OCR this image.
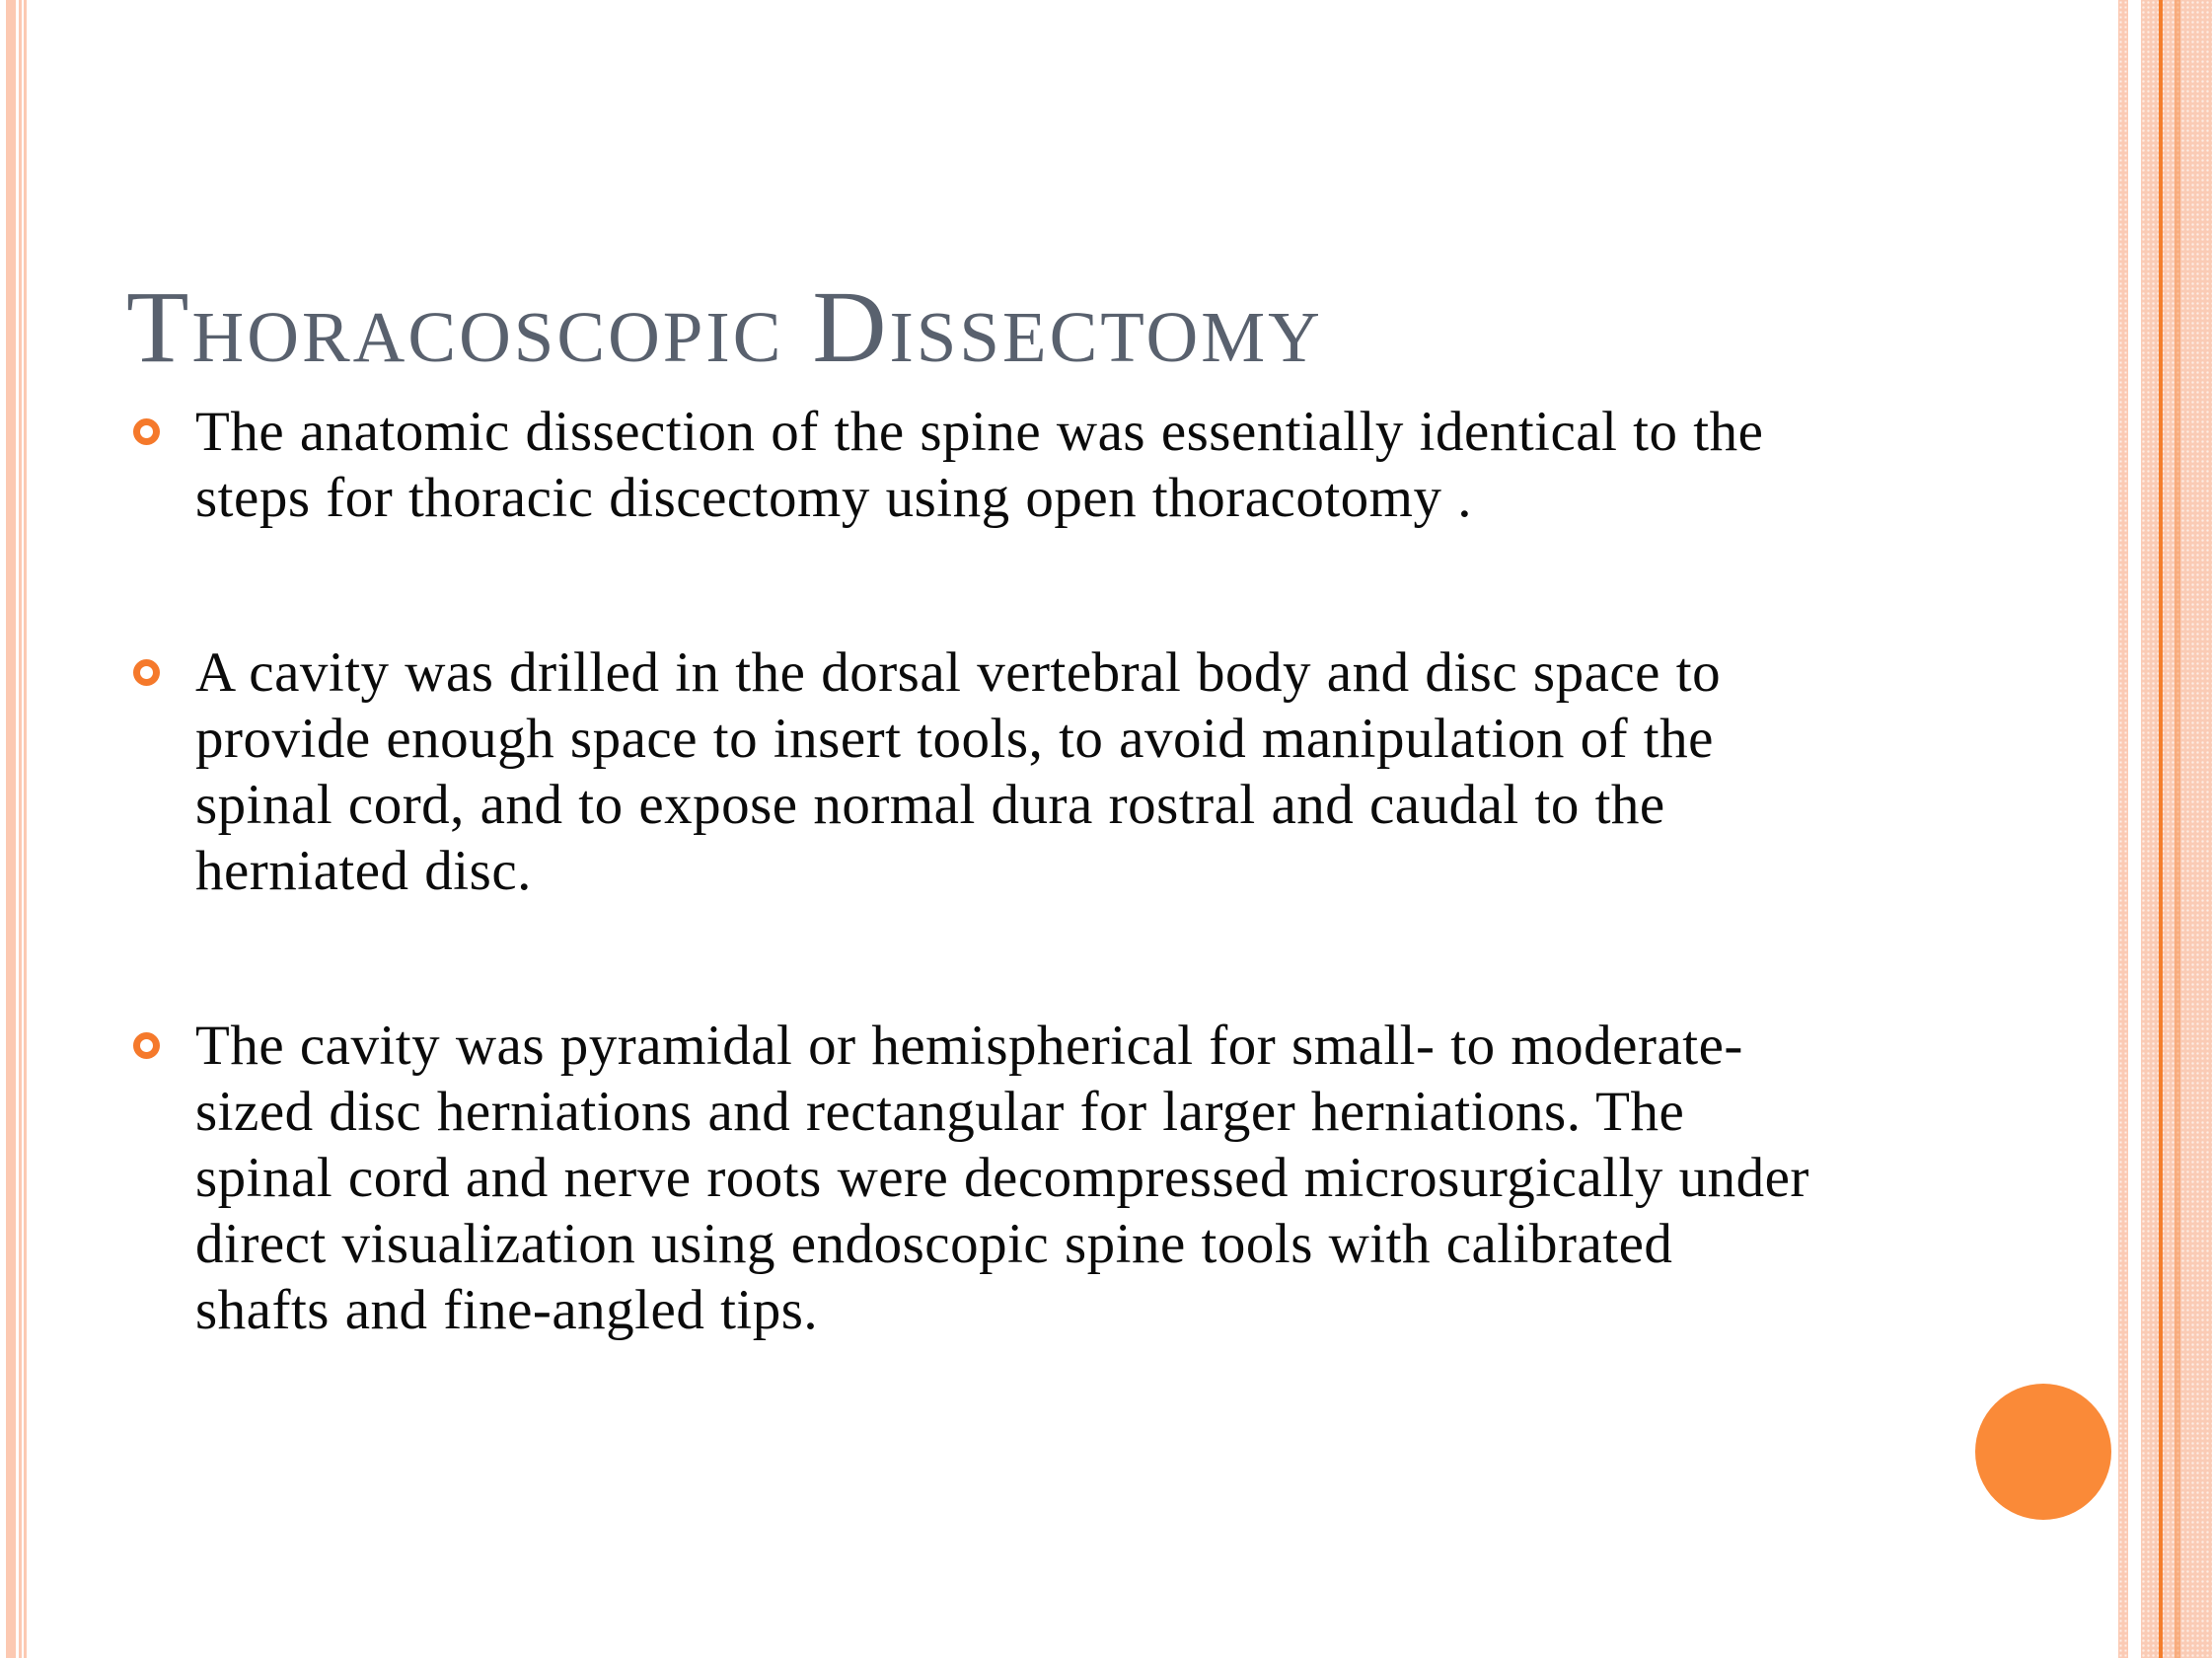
Thoracoscopic Dissectomy
The anatomic dissection of the spine was essentially identical to the steps for thoracic discectomy using open thoracotomy .
A cavity was drilled in the dorsal vertebral body and disc space to provide enough space to insert tools, to avoid manipulation of the spinal cord, and to expose normal dura rostral and caudal to the herniated disc.
The cavity was pyramidal or hemispherical for small- to moderate-sized disc herniations and rectangular for larger herniations. The spinal cord and nerve roots were decompressed microsurgically under direct visualization using endoscopic spine tools with calibrated shafts and fine-angled tips.
